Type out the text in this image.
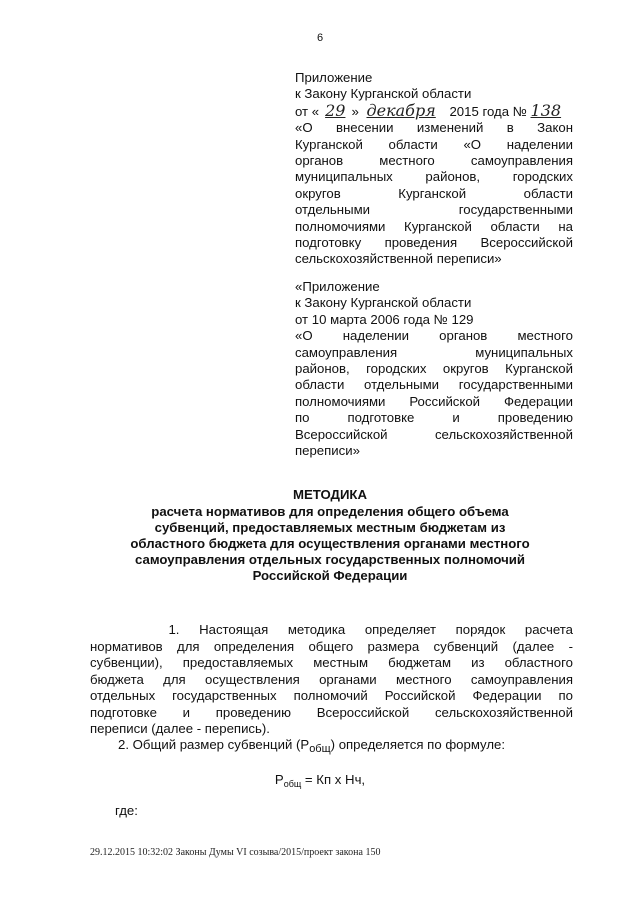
6
Приложение
к Закону Курганской области
от « 29 » декабря 2015 года № 138
«О внесении изменений в Закон
Курганской области «О наделении
органов местного самоуправления
муниципальных районов, городских
округов Курганской области
отдельными государственными
полномочиями Курганской области на
подготовку проведения Всероссийской
сельскохозяйственной переписи»
«Приложение
к Закону Курганской области
от 10 марта 2006 года № 129
«О наделении органов местного
самоуправления муниципальных
районов, городских округов Курганской
области отдельными государственными
полномочиями Российской Федерации
по подготовке и проведению
Всероссийской сельскохозяйственной
переписи»
МЕТОДИКА
расчета нормативов для определения общего объема
субвенций, предоставляемых местным бюджетам из
областного бюджета для осуществления органами местного
самоуправления отдельных государственных полномочий
Российской Федерации
1. Настоящая методика определяет порядок расчета
нормативов для определения общего размера субвенций (далее -
субвенции), предоставляемых местным бюджетам из областного
бюджета для осуществления органами местного самоуправления
отдельных государственных полномочий Российской Федерации по
подготовке и проведению Всероссийской сельскохозяйственной
переписи (далее - перепись).
2. Общий размер субвенций $(Р_{общ})$ определяется по формуле:
$Р_{общ}$ = Кп х Нч,
где:
29.12.2015 10:32:02 Законы Думы VI созыва/2015/проект закона 150
